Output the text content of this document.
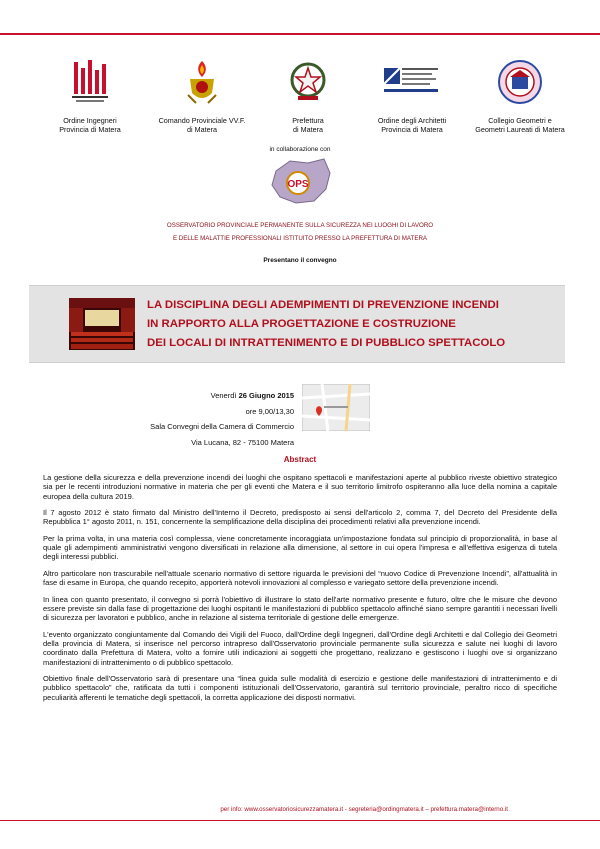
Ordine Ingegneri
Provincia di Matera
Comando Provinciale VV.F.
di Matera
Prefettura
di Matera
Ordine degli Architetti
Provincia di Matera
Collegio Geometri e
Geometri Laureati di Matera
in collaborazione con
OPS
OSSERVATORIO PROVINCIALE PERMANENTE SULLA SICUREZZA NEI LUOGHI DI LAVORO
E DELLE MALATTIE PROFESSIONALI ISTITUITO PRESSO LA PREFETTURA DI MATERA
Presentano il convegno
LA DISCIPLINA DEGLI ADEMPIMENTI DI PREVENZIONE INCENDI
IN RAPPORTO ALLA PROGETTAZIONE E COSTRUZIONE
DEI LOCALI DI INTRATTENIMENTO E DI PUBBLICO SPETTACOLO
Venerdì 26 Giugno 2015
ore 9,00/13,30
Sala Convegni della Camera di Commercio
Via Lucana, 82 - 75100 Matera
Abstract

La gestione della sicurezza e della prevenzione incendi dei luoghi che ospitano spettacoli e manifestazioni aperte al pubblico riveste obiettivo strategico sia per le recenti introduzioni normative in materia che per gli eventi che Matera e il suo territorio limitrofo ospiteranno alla luce della nomina a capitale europea della cultura 2019.

Il 7 agosto 2012 è stato firmato dal Ministro dell'Interno il Decreto, predisposto ai sensi dell'articolo 2, comma 7, del Decreto del Presidente della Repubblica 1° agosto 2011, n. 151, concernente la semplificazione della disciplina dei procedimenti relativi alla prevenzione incendi.

Per la prima volta, in una materia così complessa, viene concretamente incoraggiata un'impostazione fondata sul principio di proporzionalità, in base al quale gli adempimenti amministrativi vengono diversificati in relazione alla dimensione, al settore in cui opera l'impresa e all'effettiva esigenza di tutela degli interessi pubblici.

Altro particolare non trascurabile nell'attuale scenario normativo di settore riguarda le previsioni del “nuovo Codice di Prevenzione Incendi”, all'attualità in fase di esame in Europa, che quando recepito, apporterà notevoli innovazioni al complesso e variegato settore della prevenzione incendi.

In linea con quanto presentato, il convegno si porrà l'obiettivo di illustrare lo stato dell'arte normativo presente e futuro, oltre che le misure che devono essere previste sin dalla fase di progettazione dei luoghi ospitanti le manifestazioni di pubblico spettacolo affinché siano sempre garantiti i necessari livelli di sicurezza per lavoratori e pubblico, anche in relazione al sistema territoriale di gestione delle emergenze.

L'evento organizzato congiuntamente dal Comando dei Vigili del Fuoco, dall'Ordine degli Ingegneri, dall'Ordine degli Architetti e dal Collegio dei Geometri della provincia di Matera, si inserisce nel percorso intrapreso dall'Osservatorio provinciale permanente sulla sicurezza e salute nei luoghi di lavoro coordinato dalla Prefettura di Matera, volto a fornire utili indicazioni ai soggetti che progettano, realizzano e gestiscono i luoghi ove si organizzano manifestazioni di intrattenimento o di pubblico spettacolo.

Obiettivo finale dell'Osservatorio sarà di presentare una “linea guida sulle modalità di esercizio e gestione delle manifestazioni di intrattenimento e di pubblico spettacolo” che, ratificata da tutti i componenti istituzionali dell'Osservatorio, garantirà sul territorio provinciale, peraltro ricco di specifiche peculiarità afferenti le tematiche degli spettacoli, la corretta applicazione dei disposti normativi.

per info: www.osservatoriosicurezzamatera.it - segreteria@ordingmatera.it – prefettura.matera@interno.it
